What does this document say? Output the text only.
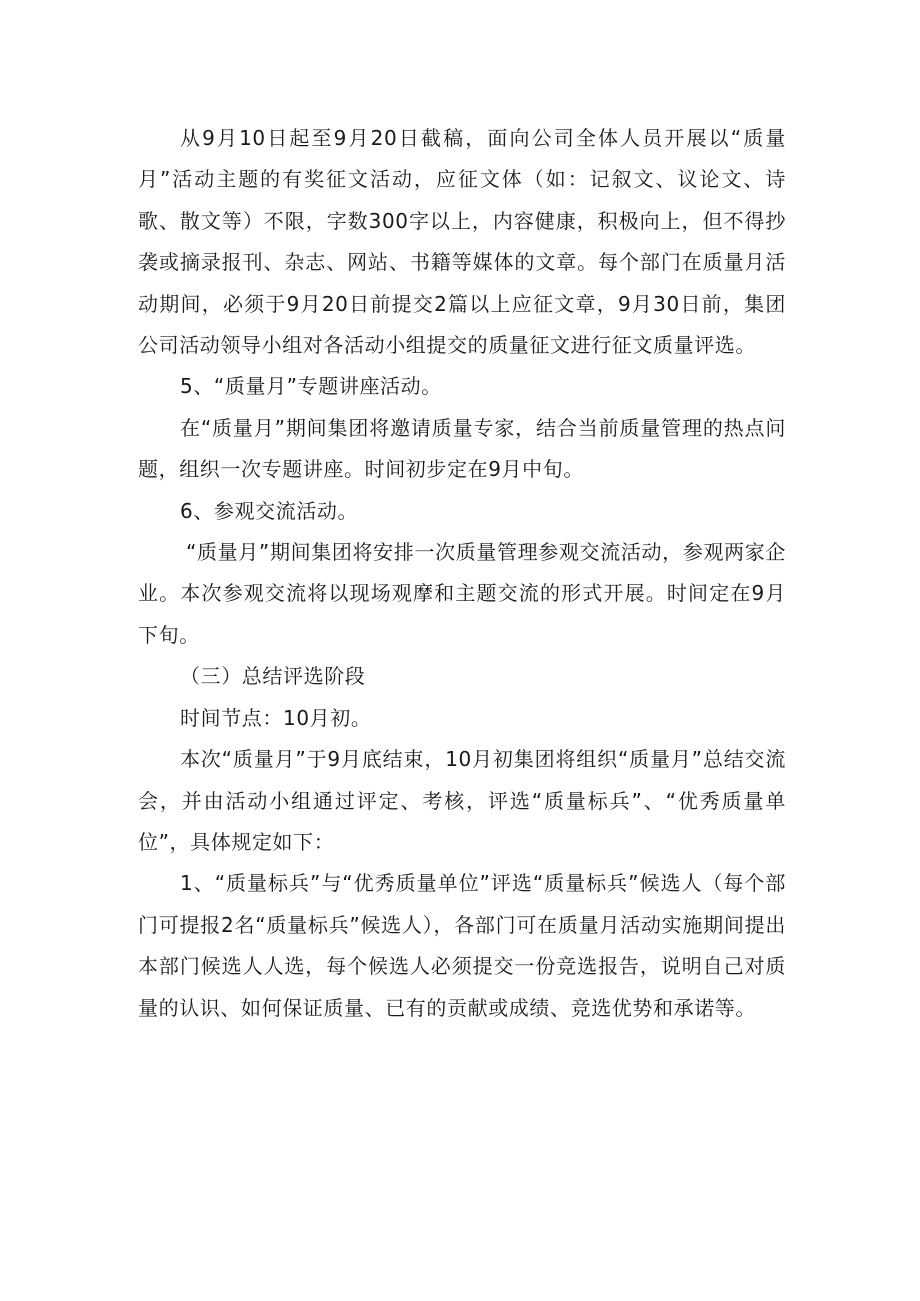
从9月10日起至9月20日截稿，面向公司全体人员开展以“质量月”活动主题的有奖征文活动，应征文体（如：记叙文、议论文、诗歌、散文等）不限，字数300字以上，内容健康，积极向上，但不得抄袭或摘录报刊、杂志、网站、书籍等媒体的文章。每个部门在质量月活动期间，必须于9月20日前提交2篇以上应征文章，9月30日前，集团公司活动领导小组对各活动小组提交的质量征文进行征文质量评选。

5、“质量月”专题讲座活动。

在“质量月”期间集团将邀请质量专家，结合当前质量管理的热点问题，组织一次专题讲座。时间初步定在9月中旬。

6、参观交流活动。

“质量月”期间集团将安排一次质量管理参观交流活动，参观两家企业。本次参观交流将以现场观摩和主题交流的形式开展。时间定在9月下旬。

（三）总结评选阶段

时间节点：10月初。

本次“质量月”于9月底结束，10月初集团将组织“质量月”总结交流会，并由活动小组通过评定、考核，评选“质量标兵”、“优秀质量单位”，具体规定如下：

1、“质量标兵”与“优秀质量单位”评选“质量标兵”候选人（每个部门可提报2名“质量标兵”候选人），各部门可在质量月活动实施期间提出本部门候选人人选，每个候选人必须提交一份竞选报告，说明自己对质量的认识、如何保证质量、已有的贡献或成绩、竞选优势和承诺等。
